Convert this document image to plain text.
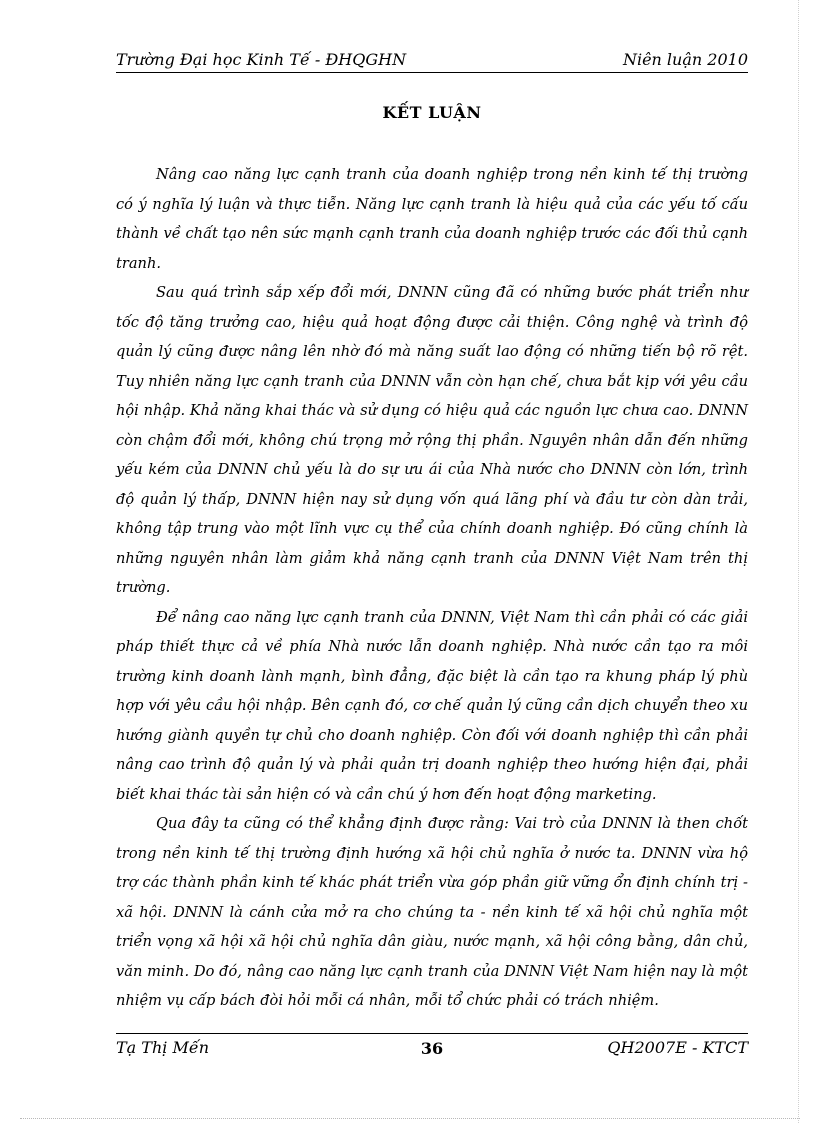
Trường Đại học Kinh Tế - ĐHQGHN	Niên luận 2010
KẾT LUẬN

Nâng cao năng lực cạnh tranh của doanh nghiệp trong nền kinh tế thị trường có ý nghĩa lý luận và thực tiễn. Năng lực cạnh tranh là hiệu quả của các yếu tố cấu thành về chất tạo nên sức mạnh cạnh tranh của doanh nghiệp trước các đối thủ cạnh tranh.

Sau quá trình sắp xếp đổi mới, DNNN cũng đã có những bước phát triển như tốc độ tăng trưởng cao, hiệu quả hoạt động được cải thiện. Công nghệ và trình độ quản lý cũng được nâng lên nhờ đó mà năng suất lao động có những tiến bộ rõ rệt. Tuy nhiên năng lực cạnh tranh của DNNN vẫn còn hạn chế, chưa bắt kịp với yêu cầu hội nhập. Khả năng khai thác và sử dụng có hiệu quả các nguồn lực chưa cao. DNNN còn chậm đổi mới, không chú trọng mở rộng thị phần. Nguyên nhân dẫn đến những yếu kém của DNNN chủ yếu là do sự ưu ái của Nhà nước cho DNNN còn lớn, trình độ quản lý thấp, DNNN hiện nay sử dụng vốn quá lãng phí và đầu tư còn dàn trải, không tập trung vào một lĩnh vực cụ thể của chính doanh nghiệp. Đó cũng chính là những nguyên nhân làm giảm khả năng cạnh tranh của DNNN Việt Nam trên thị trường.

Để nâng cao năng lực cạnh tranh của DNNN, Việt Nam thì cần phải có các giải pháp thiết thực cả về phía Nhà nước lẫn doanh nghiệp. Nhà nước cần tạo ra môi trường kinh doanh lành mạnh, bình đẳng, đặc biệt là cần tạo ra khung pháp lý phù hợp với yêu cầu hội nhập. Bên cạnh đó, cơ chế quản lý cũng cần dịch chuyển theo xu hướng giành quyền tự chủ cho doanh nghiệp. Còn đối với doanh nghiệp thì cần phải nâng cao trình độ quản lý và phải quản trị doanh nghiệp theo hướng hiện đại, phải biết khai thác tài sản hiện có và cần chú ý hơn đến hoạt động marketing.

Qua đây ta cũng có thể khẳng định được rằng: Vai trò của DNNN là then chốt trong nền kinh tế thị trường định hướng xã hội chủ nghĩa ở nước ta. DNNN vừa hộ trợ các thành phần kinh tế khác phát triển vừa góp phần giữ vững ổn định chính trị - xã hội. DNNN là cánh cửa mở ra cho chúng ta - nền kinh tế xã hội chủ nghĩa một triển vọng xã hội xã hội chủ nghĩa dân giàu, nước mạnh, xã hội công bằng, dân chủ, văn minh. Do đó, nâng cao năng lực cạnh tranh của DNNN Việt Nam hiện nay là một nhiệm vụ cấp bách đòi hỏi mỗi cá nhân, mỗi tổ chức phải có trách nhiệm.

Tạ Thị Mến	36	QH2007E - KTCT
